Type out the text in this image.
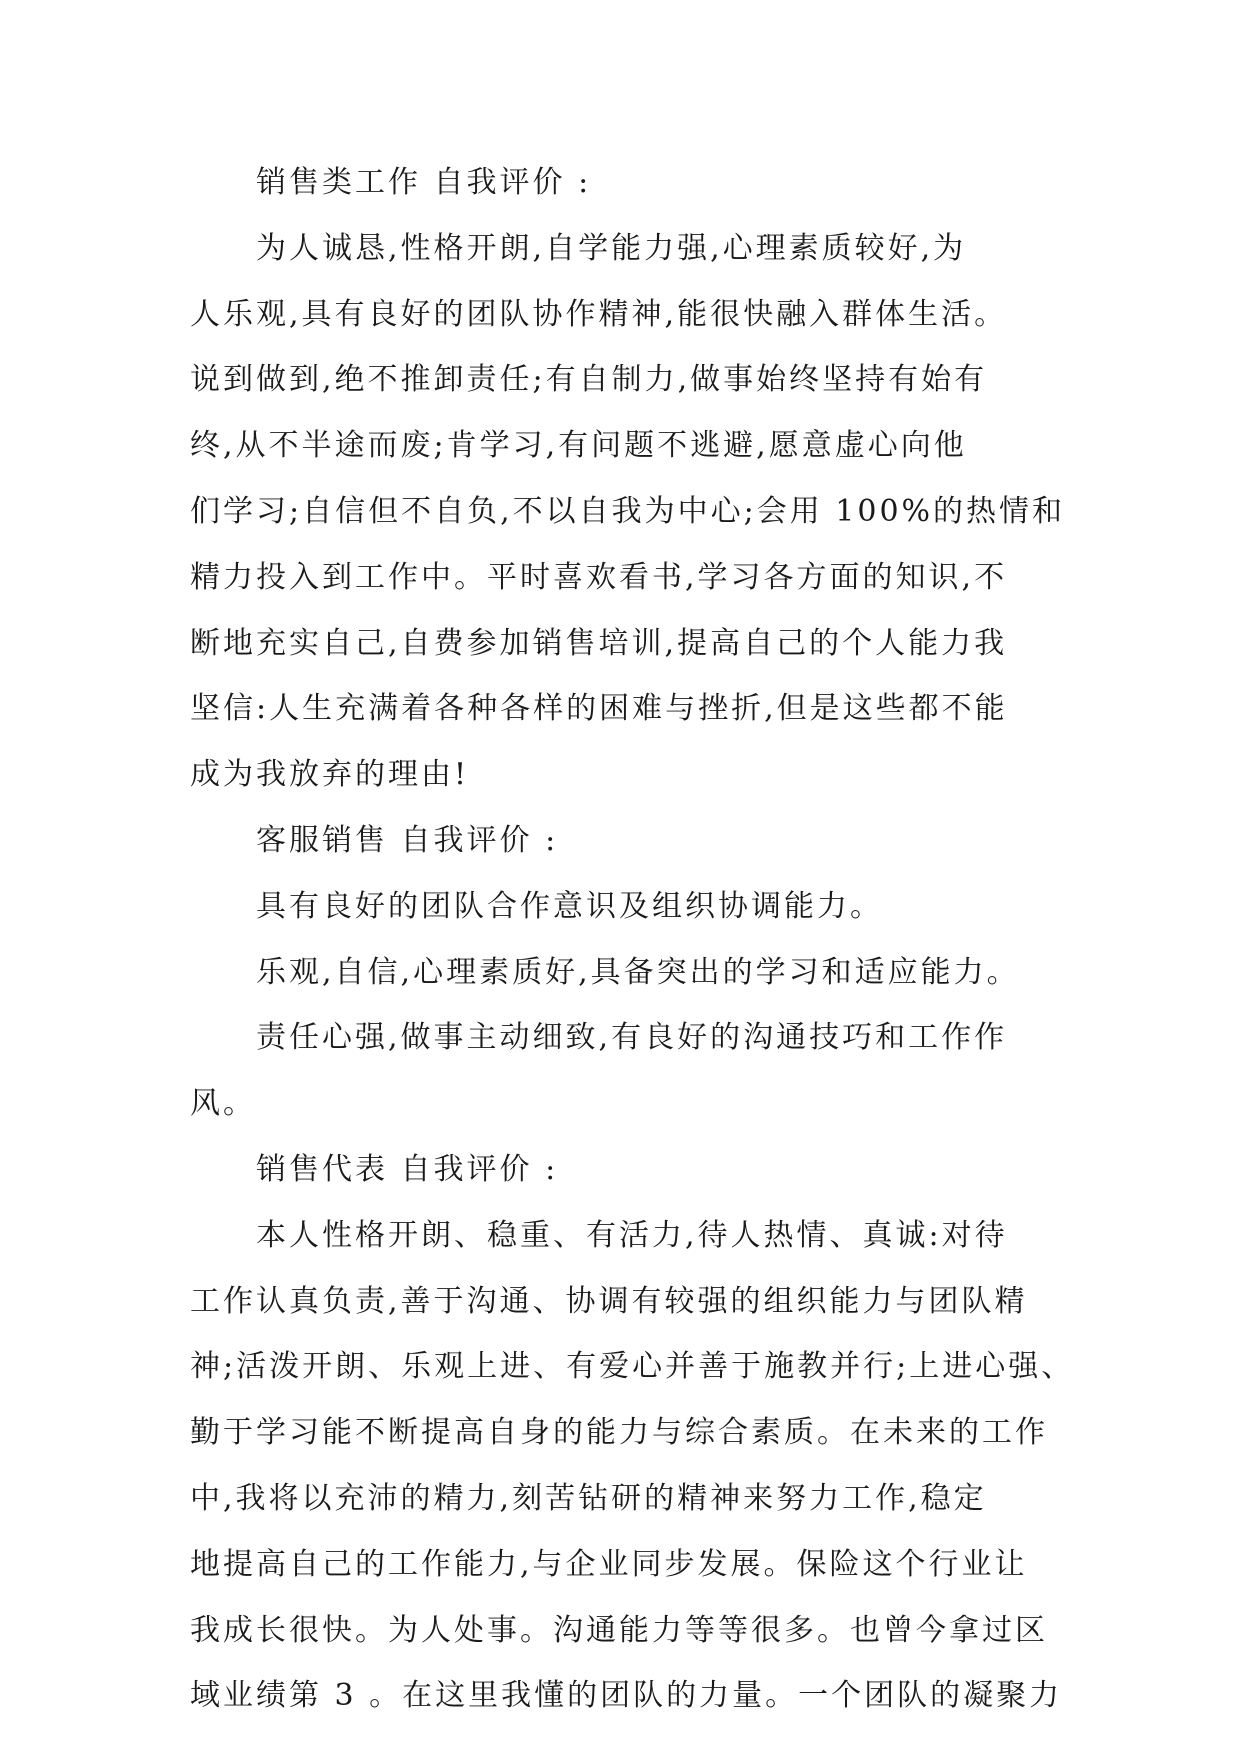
销售类工作 自我评价 :
为人诚恳,性格开朗,自学能力强,心理素质较好,为
人乐观,具有良好的团队协作精神,能很快融入群体生活。
说到做到,绝不推卸责任;有自制力,做事始终坚持有始有
终,从不半途而废;肯学习,有问题不逃避,愿意虚心向他
们学习;自信但不自负,不以自我为中心;会用 100%的热情和
精力投入到工作中。平时喜欢看书,学习各方面的知识,不
断地充实自己,自费参加销售培训,提高自己的个人能力我
坚信:人生充满着各种各样的困难与挫折,但是这些都不能
成为我放弃的理由!
客服销售 自我评价 :
具有良好的团队合作意识及组织协调能力。
乐观,自信,心理素质好,具备突出的学习和适应能力。
责任心强,做事主动细致,有良好的沟通技巧和工作作
风。
销售代表 自我评价 :
本人性格开朗、稳重、有活力,待人热情、真诚:对待
工作认真负责,善于沟通、协调有较强的组织能力与团队精
神;活泼开朗、乐观上进、有爱心并善于施教并行;上进心强、
勤于学习能不断提高自身的能力与综合素质。在未来的工作
中,我将以充沛的精力,刻苦钻研的精神来努力工作,稳定
地提高自己的工作能力,与企业同步发展。保险这个行业让
我成长很快。为人处事。沟通能力等等很多。也曾今拿过区
域业绩第 3 。在这里我懂的团队的力量。一个团队的凝聚力
